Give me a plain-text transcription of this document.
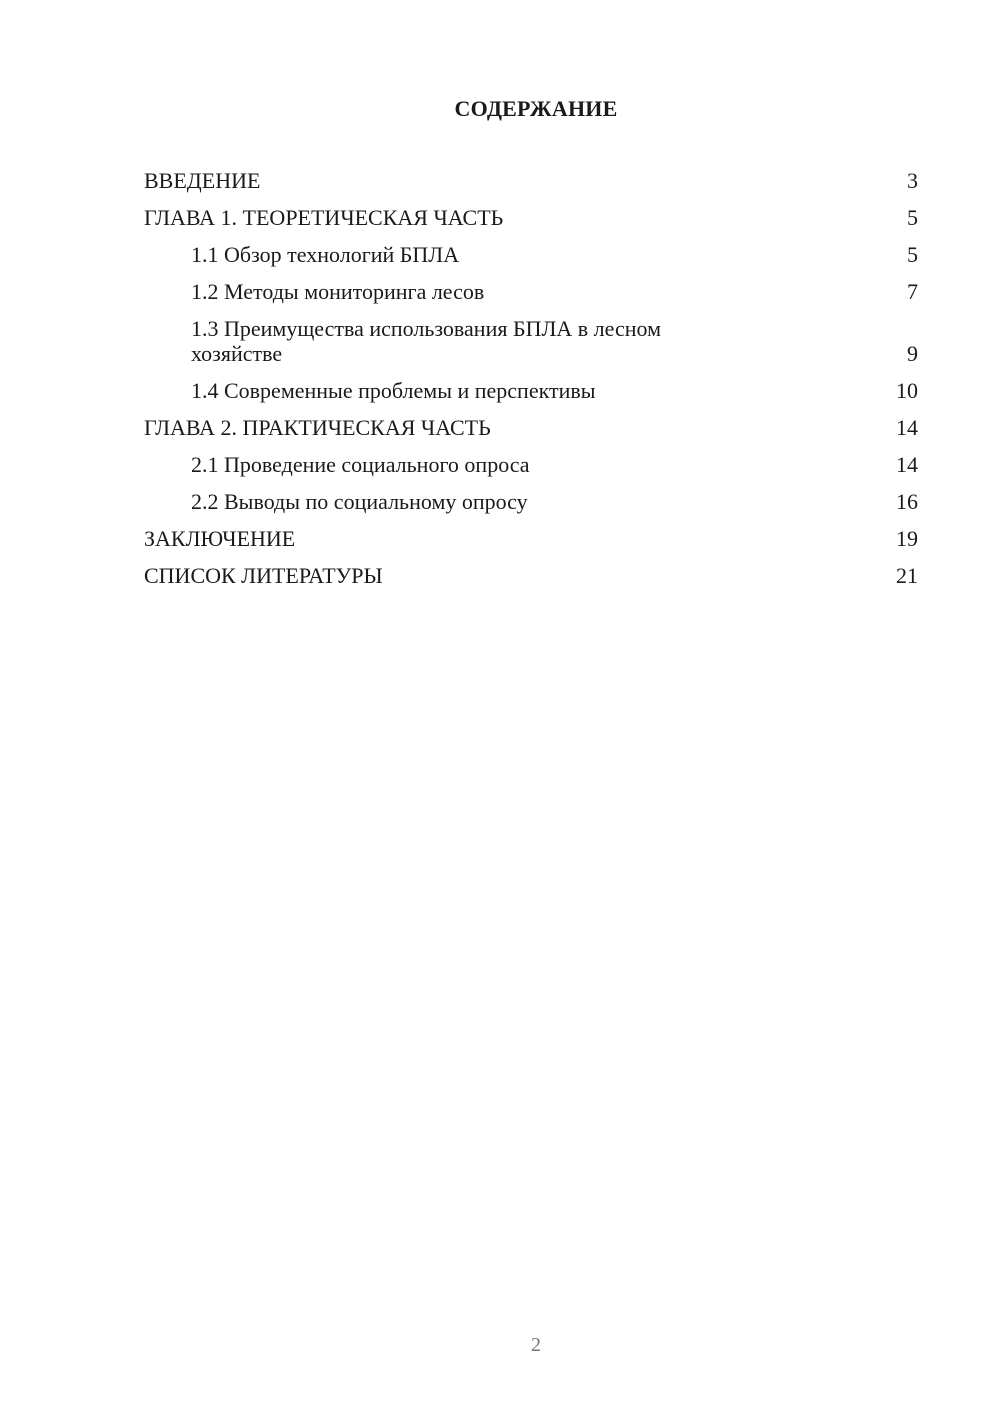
СОДЕРЖАНИЕ
ВВЕДЕНИЕ	3
ГЛАВА 1. ТЕОРЕТИЧЕСКАЯ ЧАСТЬ	5
1.1 Обзор технологий БПЛА	5
1.2 Методы мониторинга лесов	7
1.3 Преимущества использования БПЛА в лесном хозяйстве	9
1.4 Современные проблемы и перспективы	10
ГЛАВА 2. ПРАКТИЧЕСКАЯ ЧАСТЬ	14
2.1 Проведение социального опроса	14
2.2 Выводы по социальному опросу	16
ЗАКЛЮЧЕНИЕ	19
СПИСОК ЛИТЕРАТУРЫ	21
2
